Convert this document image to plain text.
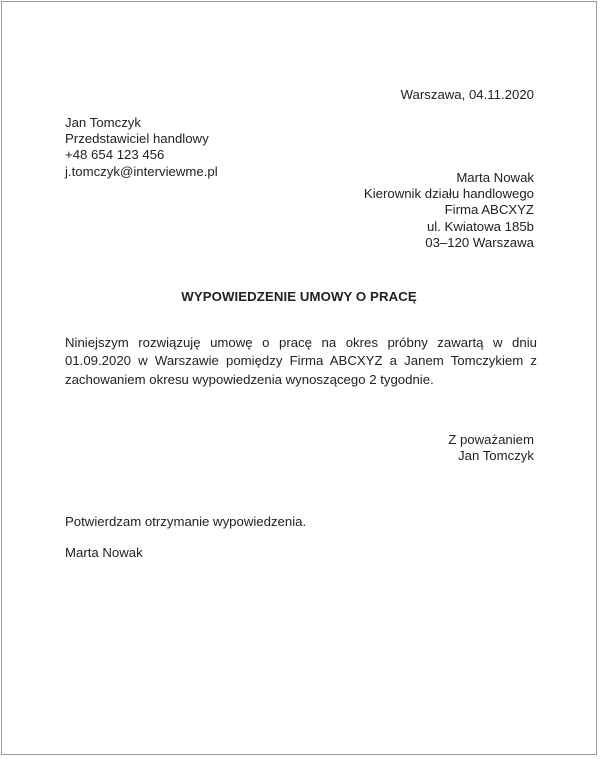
Warszawa, 04.11.2020
Jan Tomczyk
Przedstawiciel handlowy
+48 654 123 456
j.tomczyk@interviewme.pl	Marta Nowak
Kierownik działu handlowego
Firma ABCXYZ
ul. Kwiatowa 185b
03–120 Warszawa
WYPOWIEDZENIE UMOWY O PRACĘ
Niniejszym rozwiązuję umowę o pracę na okres próbny zawartą w dniu 01.09.2020 w Warszawie pomiędzy Firma ABCXYZ a Janem Tomczykiem z zachowaniem okresu wypowiedzenia wynoszącego 2 tygodnie.
Z poważaniem
Jan Tomczyk
Potwierdzam otrzymanie wypowiedzenia.
Marta Nowak
